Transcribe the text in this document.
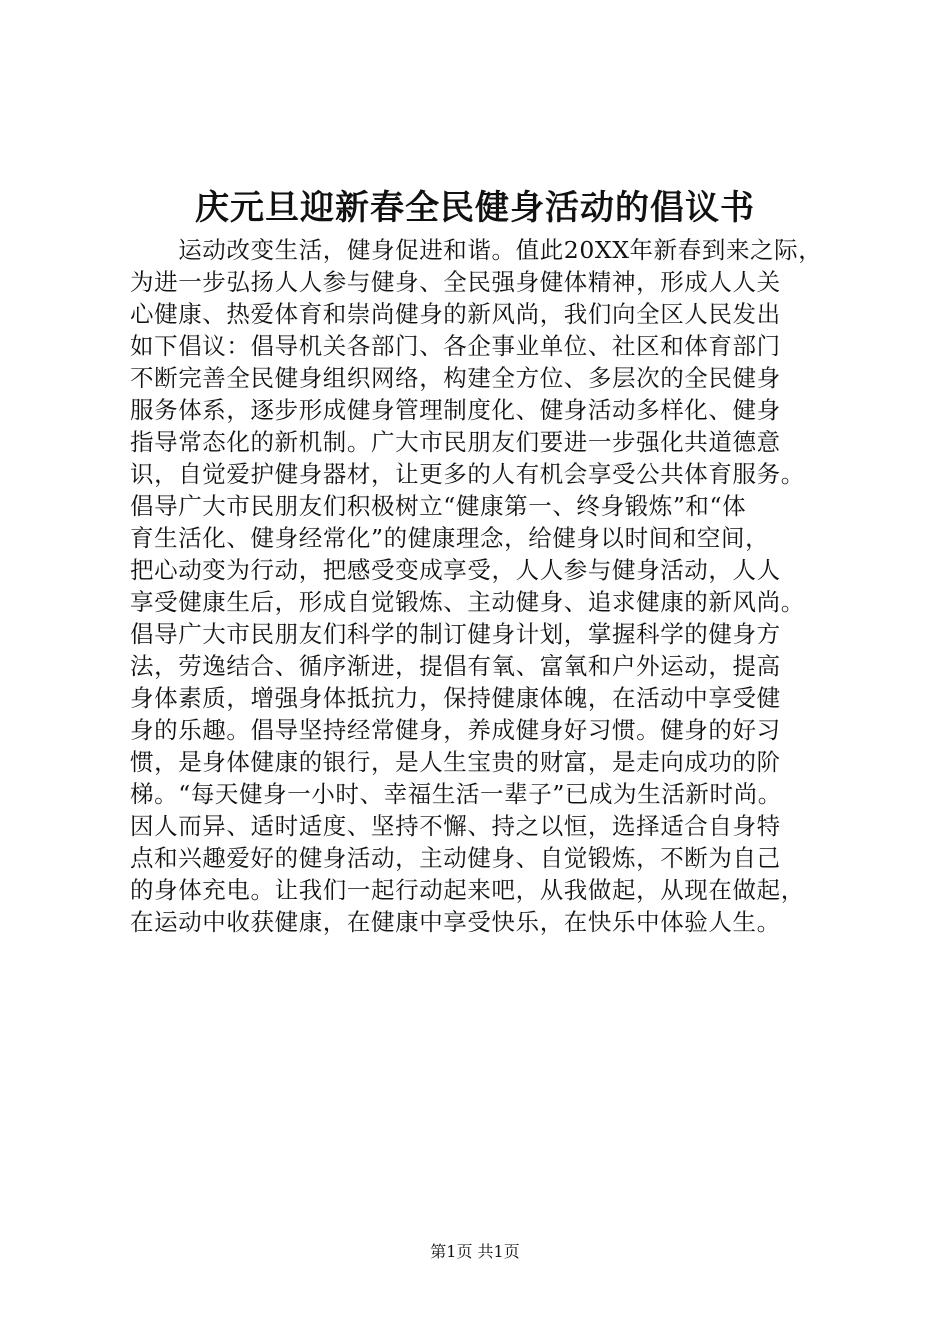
庆元旦迎新春全民健身活动的倡议书
　　运动改变生活，健身促进和谐。值此20XX年新春到来之际，
为进一步弘扬人人参与健身、全民强身健体精神，形成人人关
心健康、热爱体育和崇尚健身的新风尚，我们向全区人民发出
如下倡议：倡导机关各部门、各企事业单位、社区和体育部门
不断完善全民健身组织网络，构建全方位、多层次的全民健身
服务体系，逐步形成健身管理制度化、健身活动多样化、健身
指导常态化的新机制。广大市民朋友们要进一步强化共道德意
识，自觉爱护健身器材，让更多的人有机会享受公共体育服务。
倡导广大市民朋友们积极树立“健康第一、终身锻炼”和“体
育生活化、健身经常化”的健康理念，给健身以时间和空间，
把心动变为行动，把感受变成享受，人人参与健身活动，人人
享受健康生后，形成自觉锻炼、主动健身、追求健康的新风尚。
倡导广大市民朋友们科学的制订健身计划，掌握科学的健身方
法，劳逸结合、循序渐进，提倡有氧、富氧和户外运动，提高
身体素质，增强身体抵抗力，保持健康体魄，在活动中享受健
身的乐趣。倡导坚持经常健身，养成健身好习惯。健身的好习
惯，是身体健康的银行，是人生宝贵的财富，是走向成功的阶
梯。“每天健身一小时、幸福生活一辈子”已成为生活新时尚。
因人而异、适时适度、坚持不懈、持之以恒，选择适合自身特
点和兴趣爱好的健身活动，主动健身、自觉锻炼，不断为自己
的身体充电。让我们一起行动起来吧，从我做起，从现在做起，
在运动中收获健康，在健康中享受快乐，在快乐中体验人生。
第1页 共1页
